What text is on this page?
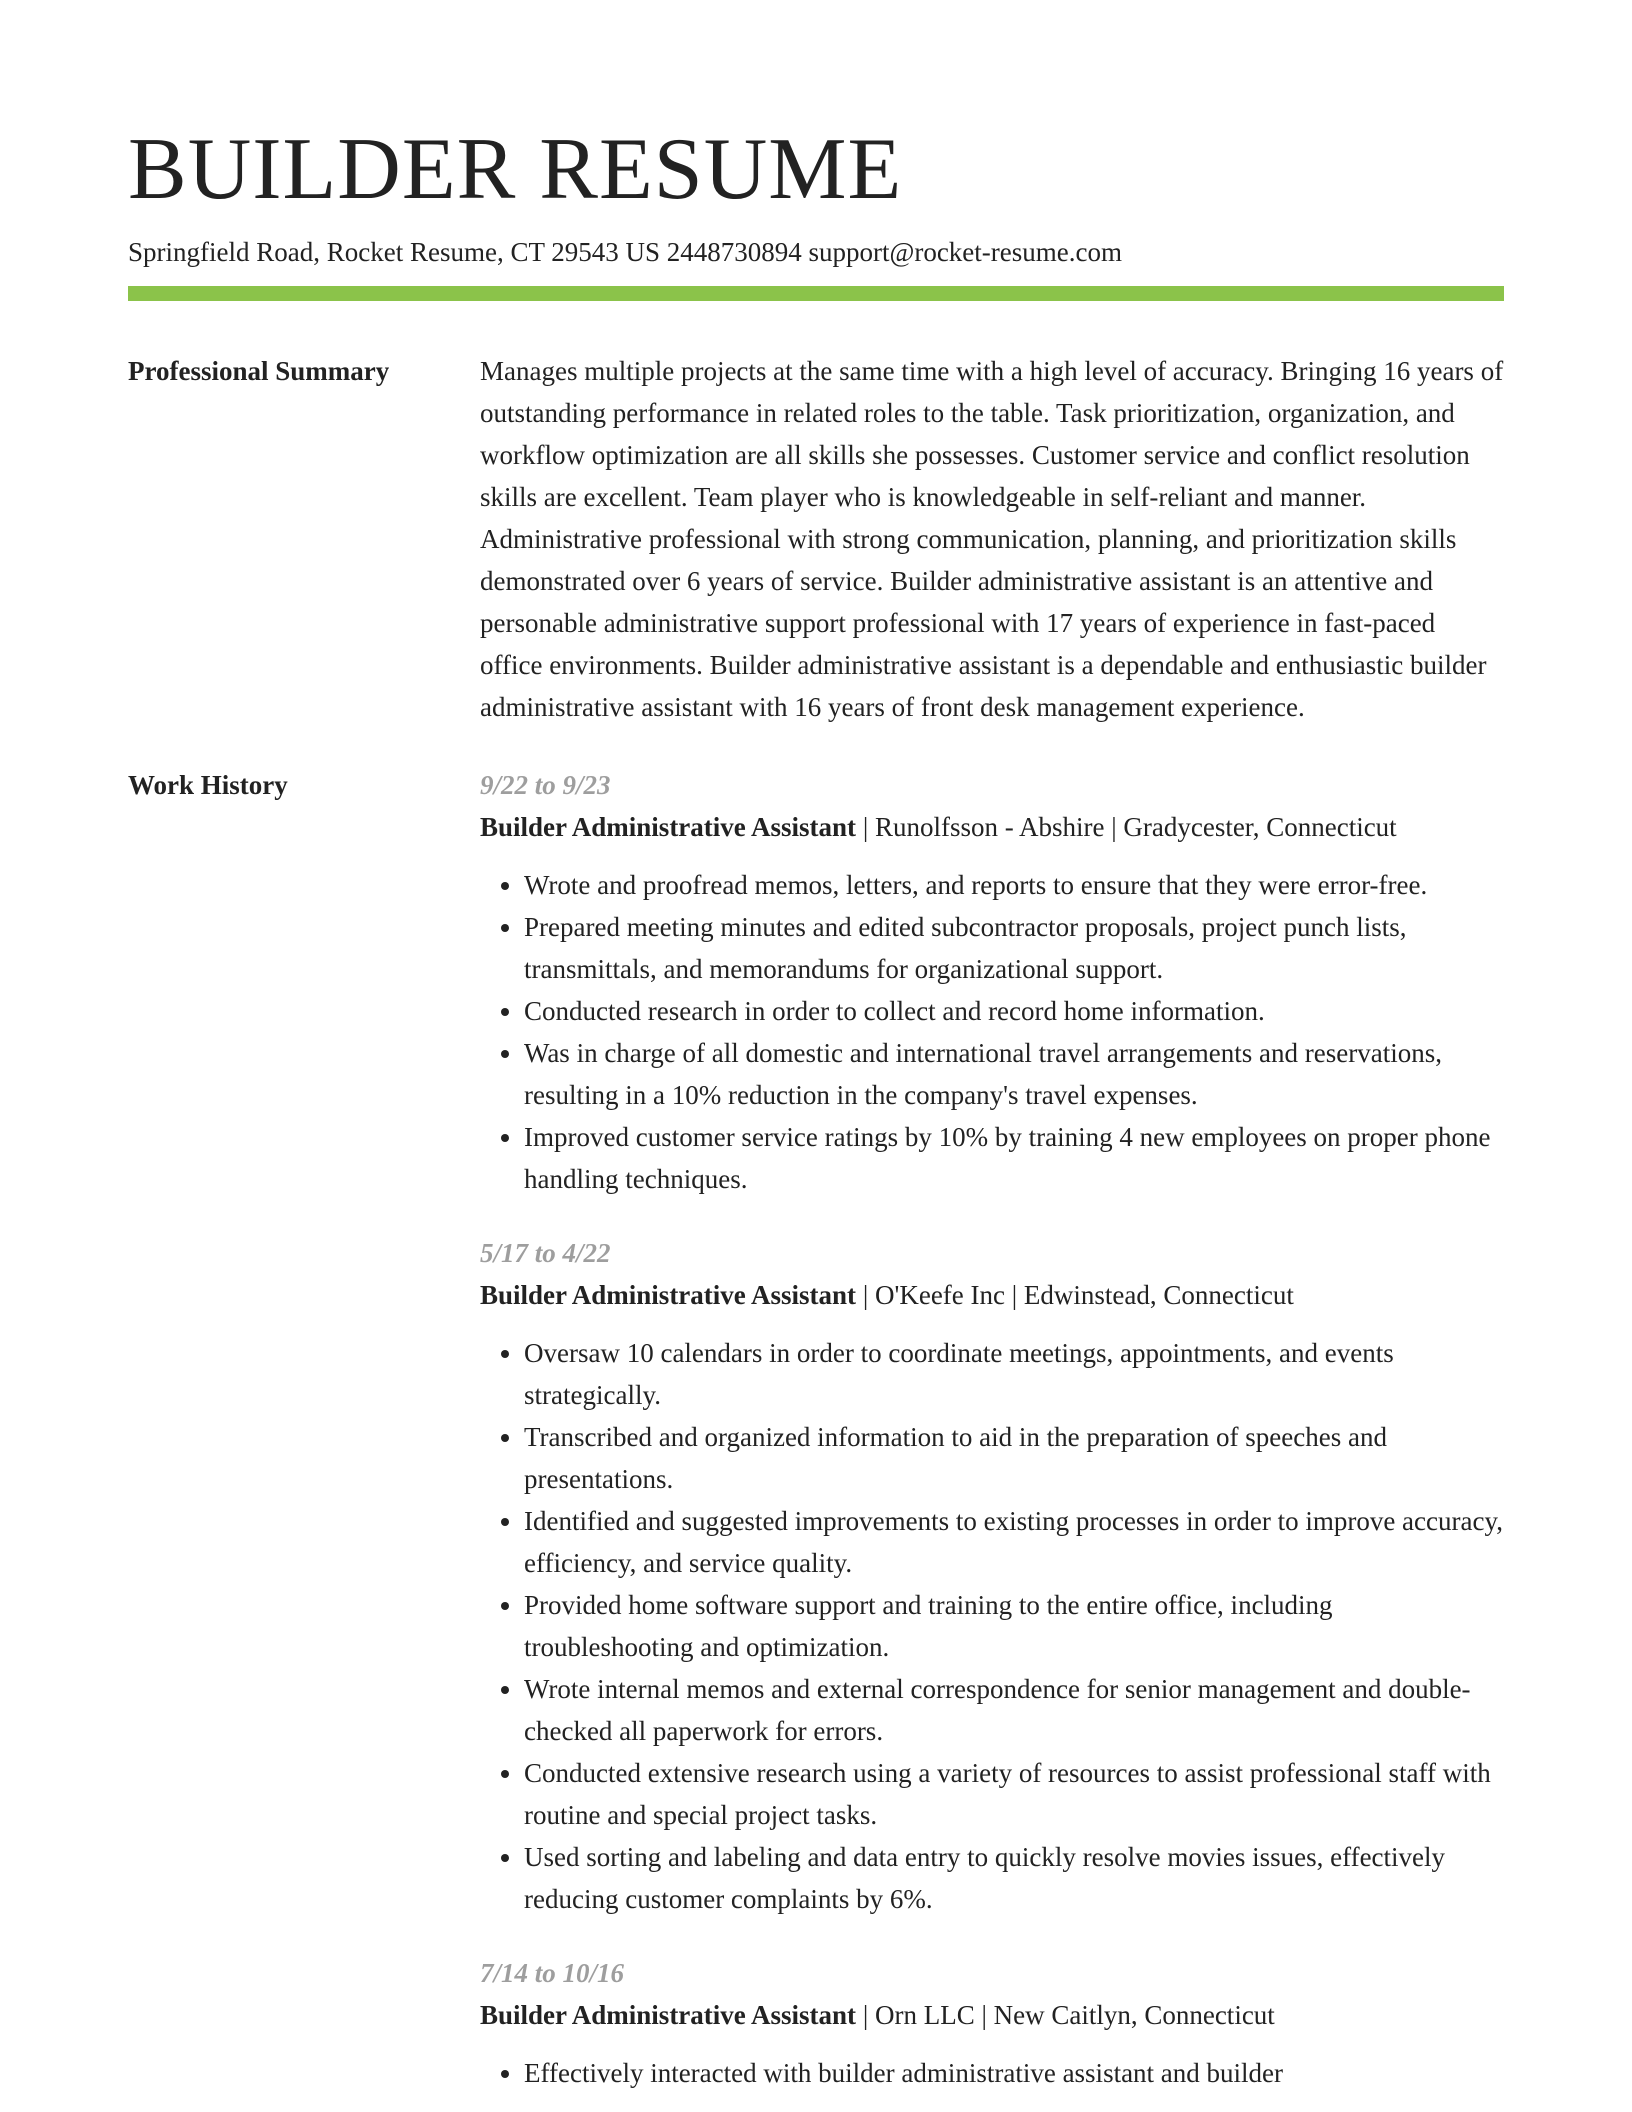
BUILDER RESUME
Springfield Road, Rocket Resume, CT 29543 US 2448730894 support@rocket-resume.com
Professional Summary	Manages multiple projects at the same time with a high level of accuracy. Bringing 16 years of outstanding performance in related roles to the table. Task prioritization, organization, and workflow optimization are all skills she possesses. Customer service and conflict resolution skills are excellent. Team player who is knowledgeable in self-reliant and manner. Administrative professional with strong communication, planning, and prioritization skills demonstrated over 6 years of service. Builder administrative assistant is an attentive and personable administrative support professional with 17 years of experience in fast-paced office environments. Builder administrative assistant is a dependable and enthusiastic builder administrative assistant with 16 years of front desk management experience.

Work History	9/22 to 9/23
Builder Administrative Assistant | Runolfsson - Abshire | Gradycester, Connecticut
• Wrote and proofread memos, letters, and reports to ensure that they were error-free.
• Prepared meeting minutes and edited subcontractor proposals, project punch lists, transmittals, and memorandums for organizational support.
• Conducted research in order to collect and record home information.
• Was in charge of all domestic and international travel arrangements and reservations, resulting in a 10% reduction in the company's travel expenses.
• Improved customer service ratings by 10% by training 4 new employees on proper phone handling techniques.
5/17 to 4/22
Builder Administrative Assistant | O'Keefe Inc | Edwinstead, Connecticut
• Oversaw 10 calendars in order to coordinate meetings, appointments, and events strategically.
• Transcribed and organized information to aid in the preparation of speeches and presentations.
• Identified and suggested improvements to existing processes in order to improve accuracy, efficiency, and service quality.
• Provided home software support and training to the entire office, including troubleshooting and optimization.
• Wrote internal memos and external correspondence for senior management and double-checked all paperwork for errors.
• Conducted extensive research using a variety of resources to assist professional staff with routine and special project tasks.
• Used sorting and labeling and data entry to quickly resolve movies issues, effectively reducing customer complaints by 6%.
7/14 to 10/16
Builder Administrative Assistant | Orn LLC | New Caitlyn, Connecticut
• Effectively interacted with builder administrative assistant and builder
